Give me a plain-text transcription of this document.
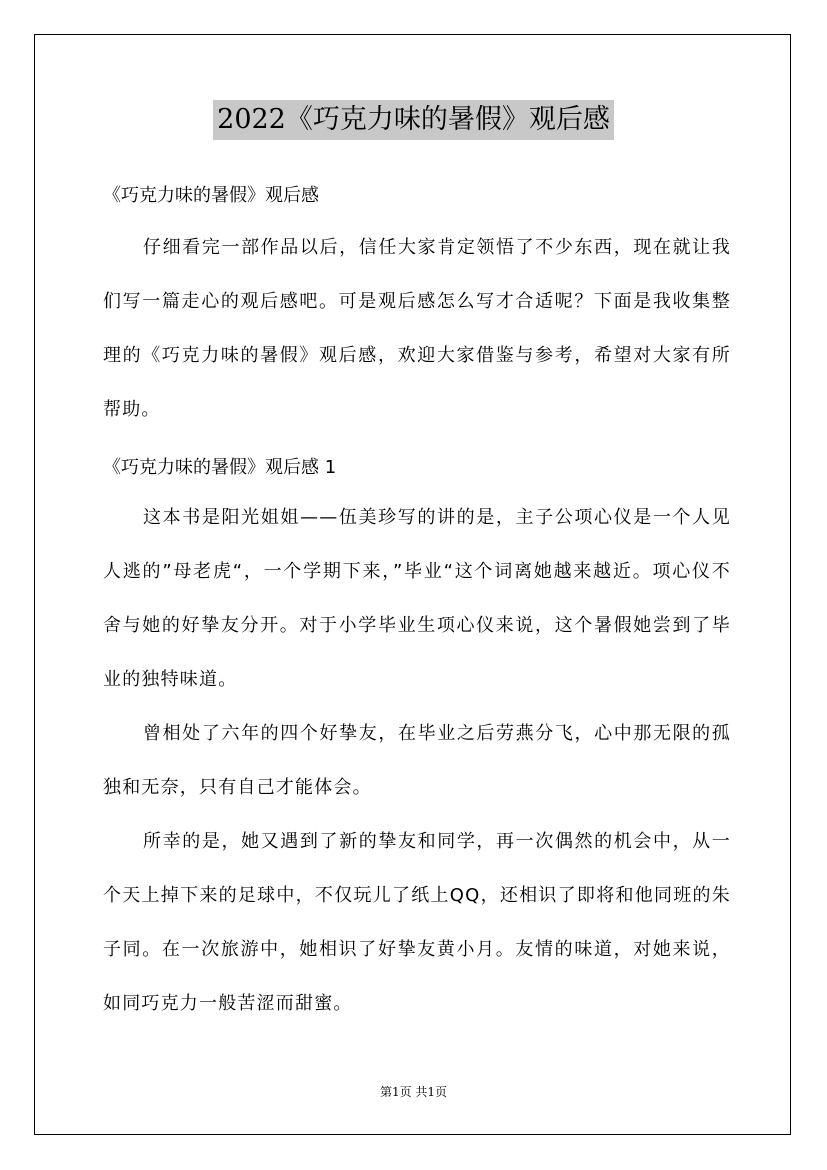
2022《巧克力味的暑假》观后感
《巧克力味的暑假》观后感
仔细看完一部作品以后，信任大家肯定领悟了不少东西，现在就让我们写一篇走心的观后感吧。可是观后感怎么写才合适呢？下面是我收集整理的《巧克力味的暑假》观后感，欢迎大家借鉴与参考，希望对大家有所帮助。
《巧克力味的暑假》观后感 1
这本书是阳光姐姐——伍美珍写的讲的是，主子公项心仪是一个人见人逃的”母老虎“，一个学期下来，”毕业“这个词离她越来越近。项心仪不舍与她的好挚友分开。对于小学毕业生项心仪来说，这个暑假她尝到了毕业的独特味道。
曾相处了六年的四个好挚友，在毕业之后劳燕分飞，心中那无限的孤独和无奈，只有自己才能体会。
所幸的是，她又遇到了新的挚友和同学，再一次偶然的机会中，从一个天上掉下来的足球中，不仅玩儿了纸上QQ，还相识了即将和他同班的朱子同。在一次旅游中，她相识了好挚友黄小月。友情的味道，对她来说，如同巧克力一般苦涩而甜蜜。
第1页 共1页
